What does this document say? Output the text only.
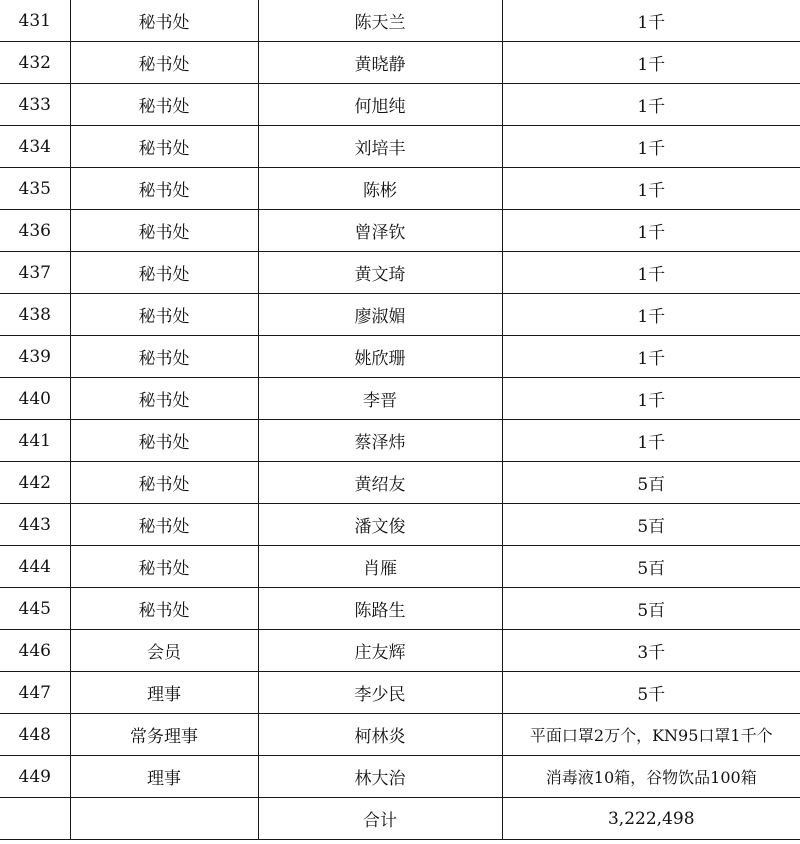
431	秘书处	陈天兰	1千
432	秘书处	黄晓静	1千
433	秘书处	何旭纯	1千
434	秘书处	刘培丰	1千
435	秘书处	陈彬	1千
436	秘书处	曾泽钦	1千
437	秘书处	黄文琦	1千
438	秘书处	廖淑媚	1千
439	秘书处	姚欣珊	1千
440	秘书处	李晋	1千
441	秘书处	蔡泽炜	1千
442	秘书处	黄绍友	5百
443	秘书处	潘文俊	5百
444	秘书处	肖雁	5百
445	秘书处	陈路生	5百
446	会员	庄友辉	3千
447	理事	李少民	5千
448	常务理事	柯林炎	平面口罩2万个，KN95口罩1千个
449	理事	林大治	消毒液10箱，谷物饮品100箱
		合计	3,222,498
